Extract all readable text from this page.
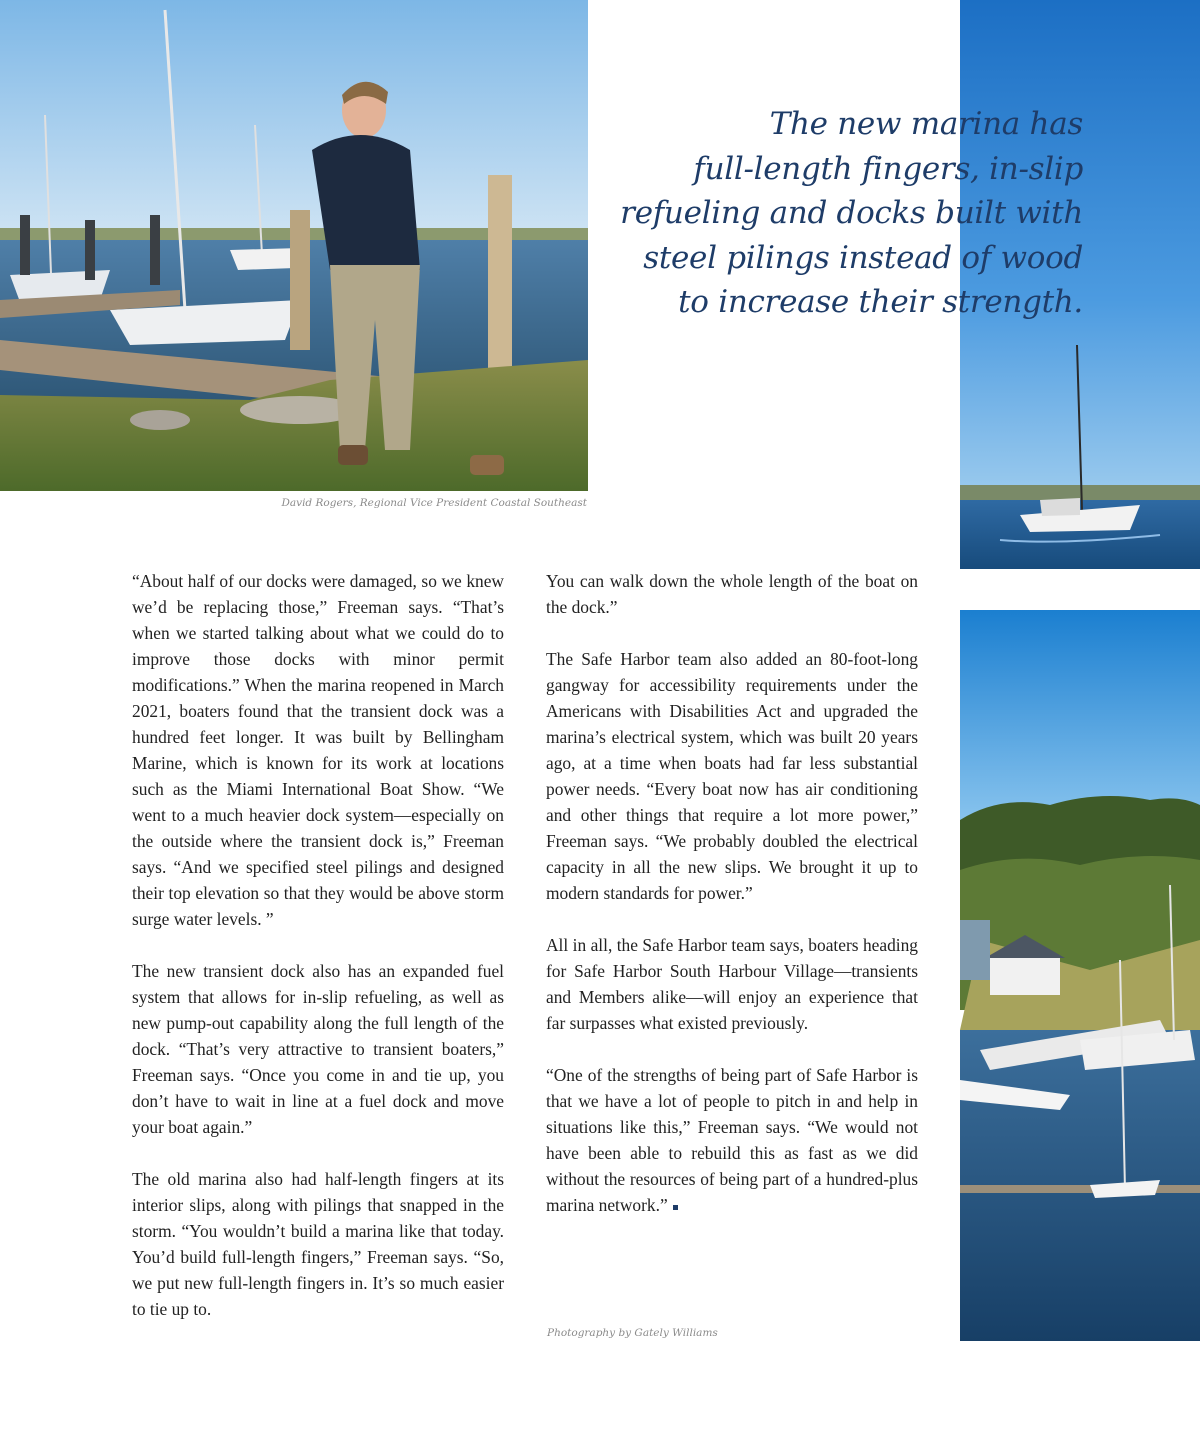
David Rogers, Regional Vice President Coastal Southeast
The new marina has
full-length fingers, in-slip
refueling and docks built with
steel pilings instead of wood
to increase their strength.

“About half of our docks were damaged, so we knew we’d be replacing those,” Freeman says. “That’s when we started talking about what we could do to improve those docks with minor permit modifications.” When the marina reopened in March 2021, boaters found that the transient dock was a hundred feet longer. It was built by Bellingham Marine, which is known for its work at locations such as the Miami International Boat Show. “We went to a much heavier dock system—especially on the outside where the transient dock is,” Freeman says. “And we specified steel pilings and designed their top elevation so that they would be above storm surge water levels. ”

The new transient dock also has an expanded fuel system that allows for in-slip refueling, as well as new pump-out capability along the full length of the dock. “That’s very attractive to transient boaters,” Freeman says. “Once you come in and tie up, you don’t have to wait in line at a fuel dock and move your boat again.”

The old marina also had half-length fingers at its interior slips, along with pilings that snapped in the storm. “You wouldn’t build a marina like that today. You’d build full-length fingers,” Freeman says. “So, we put new full-length fingers in. It’s so much easier to tie up to.

You can walk down the whole length of the boat on the dock.”

The Safe Harbor team also added an 80-foot-long gangway for accessibility requirements under the Americans with Disabilities Act and upgraded the marina’s electrical system, which was built 20 years ago, at a time when boats had far less substantial power needs. “Every boat now has air conditioning and other things that require a lot more power,” Freeman says. “We probably doubled the electrical capacity in all the new slips. We brought it up to modern standards for power.”

All in all, the Safe Harbor team says, boaters heading for Safe Harbor South Harbour Village—transients and Members alike—will enjoy an experience that far surpasses what existed previously.

“One of the strengths of being part of Safe Harbor is that we have a lot of people to pitch in and help in situations like this,” Freeman says. “We would not have been able to rebuild this as fast as we did without the resources of being part of a hundred-plus marina network.”

Photography by Gately Williams
